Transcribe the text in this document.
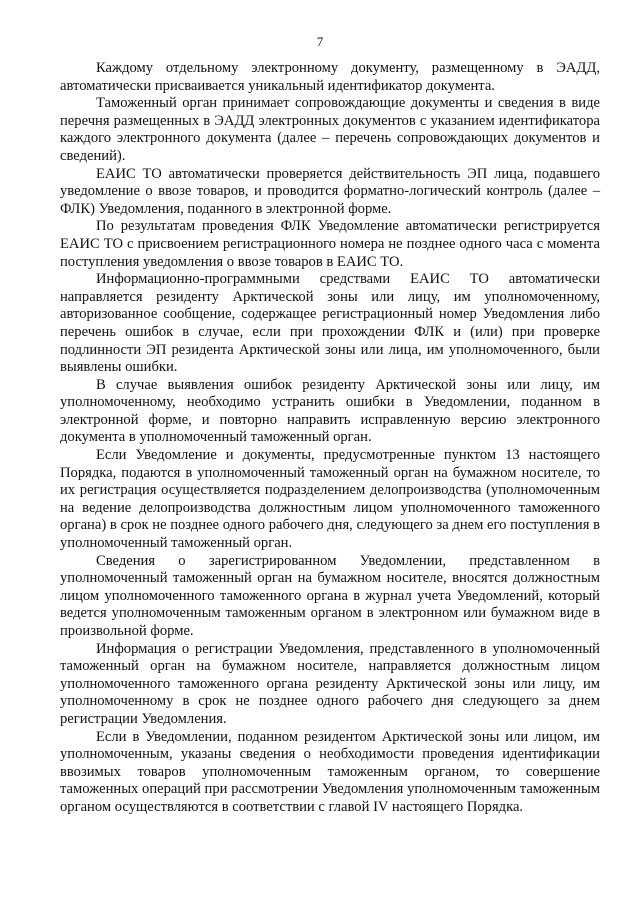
7

Каждому отдельному электронному документу, размещенному в ЭАДД, автоматически присваивается уникальный идентификатор документа.

Таможенный орган принимает сопровождающие документы и сведения в виде перечня размещенных в ЭАДД электронных документов с указанием идентификатора каждого электронного документа (далее – перечень сопровождающих документов и сведений).

ЕАИС ТО автоматически проверяется действительность ЭП лица, подавшего уведомление о ввозе товаров, и проводится форматно-логический контроль (далее – ФЛК) Уведомления, поданного в электронной форме.

По результатам проведения ФЛК Уведомление автоматически регистрируется ЕАИС ТО с присвоением регистрационного номера не позднее одного часа с момента поступления уведомления о ввозе товаров в ЕАИС ТО.

Информационно-программными средствами ЕАИС ТО автоматически направляется резиденту Арктической зоны или лицу, им уполномоченному, авторизованное сообщение, содержащее регистрационный номер Уведомления либо перечень ошибок в случае, если при прохождении ФЛК и (или) при проверке подлинности ЭП резидента Арктической зоны или лица, им уполномоченного, были выявлены ошибки.

В случае выявления ошибок резиденту Арктической зоны или лицу, им уполномоченному, необходимо устранить ошибки в Уведомлении, поданном в электронной форме, и повторно направить исправленную версию электронного документа в уполномоченный таможенный орган.

Если Уведомление и документы, предусмотренные пунктом 13 настоящего Порядка, подаются в уполномоченный таможенный орган на бумажном носителе, то их регистрация осуществляется подразделением делопроизводства (уполномоченным на ведение делопроизводства должностным лицом уполномоченного таможенного органа) в срок не позднее одного рабочего дня, следующего за днем его поступления в уполномоченный таможенный орган.

Сведения о зарегистрированном Уведомлении, представленном в уполномоченный таможенный орган на бумажном носителе, вносятся должностным лицом уполномоченного таможенного органа в журнал учета Уведомлений, который ведется уполномоченным таможенным органом в электронном или бумажном виде в произвольной форме.

Информация о регистрации Уведомления, представленного в уполномоченный таможенный орган на бумажном носителе, направляется должностным лицом уполномоченного таможенного органа резиденту Арктической зоны или лицу, им уполномоченному в срок не позднее одного рабочего дня следующего за днем регистрации Уведомления.

Если в Уведомлении, поданном резидентом Арктической зоны или лицом, им уполномоченным, указаны сведения о необходимости проведения идентификации ввозимых товаров уполномоченным таможенным органом, то совершение таможенных операций при рассмотрении Уведомления уполномоченным таможенным органом осуществляются в соответствии с главой IV настоящего Порядка.
